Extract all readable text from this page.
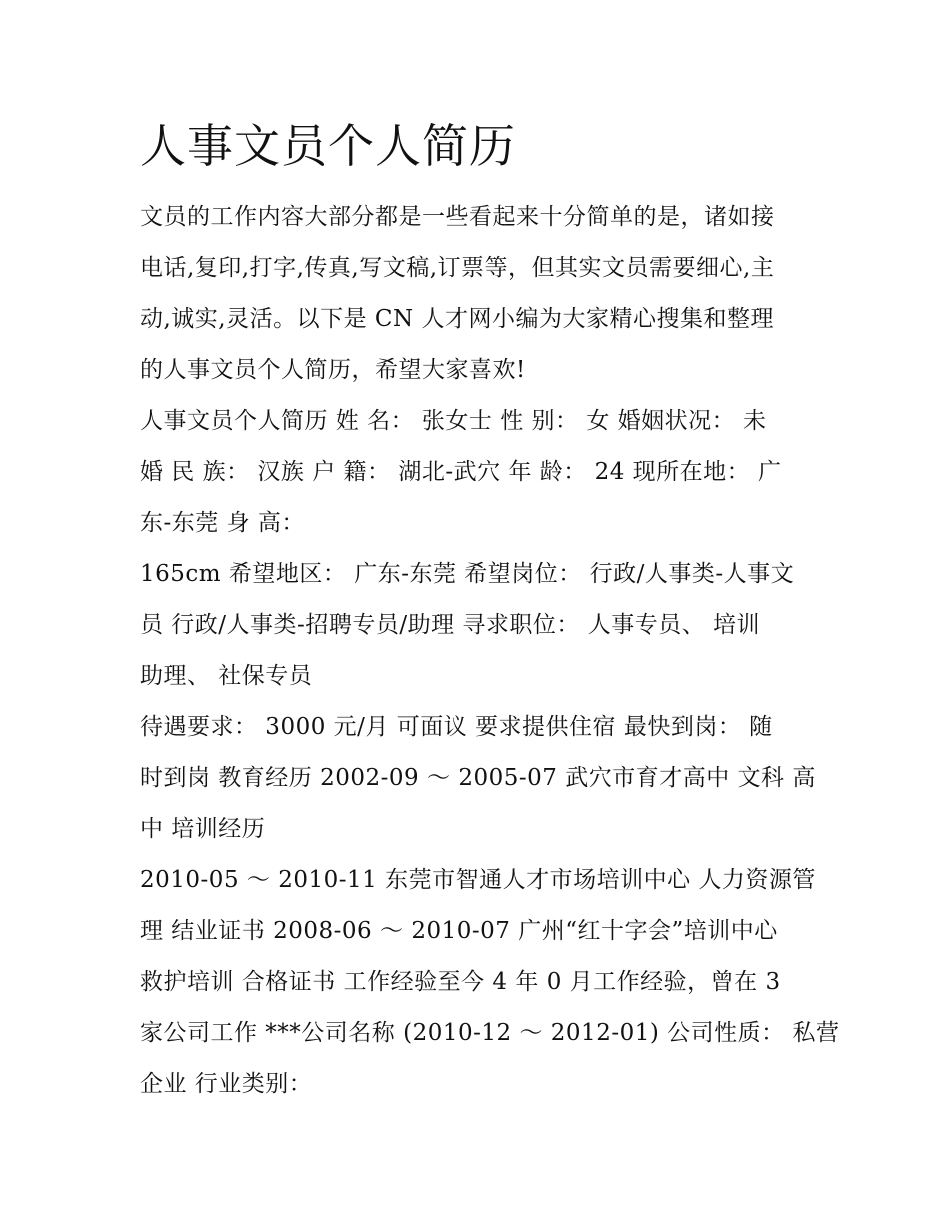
人事文员个人简历

文员的工作内容大部分都是一些看起来十分简单的是，诸如接
电话,复印,打字,传真,写文稿,订票等，但其实文员需要细心,主
动,诚实,灵活。以下是 CN 人才网小编为大家精心搜集和整理
的人事文员个人简历，希望大家喜欢!

人事文员个人简历 姓 名： 张女士 性 别： 女 婚姻状况： 未
婚 民 族： 汉族 户 籍： 湖北-武穴 年 龄： 24 现所在地： 广
东-东莞 身 高：

165cm 希望地区： 广东-东莞 希望岗位： 行政/人事类-人事文
员 行政/人事类-招聘专员/助理 寻求职位： 人事专员、 培训
助理、 社保专员

待遇要求： 3000 元/月 可面议 要求提供住宿 最快到岗： 随
时到岗 教育经历 2002-09 ～ 2005-07 武穴市育才高中 文科 高
中 培训经历

2010-05 ～ 2010-11 东莞市智通人才市场培训中心 人力资源管
理 结业证书 2008-06 ～ 2010-07 广州“红十字会”培训中心
救护培训 合格证书 工作经验至今 4 年 0 月工作经验，曾在 3
家公司工作 ***公司名称 (2010-12 ～ 2012-01) 公司性质： 私营
企业 行业类别：
